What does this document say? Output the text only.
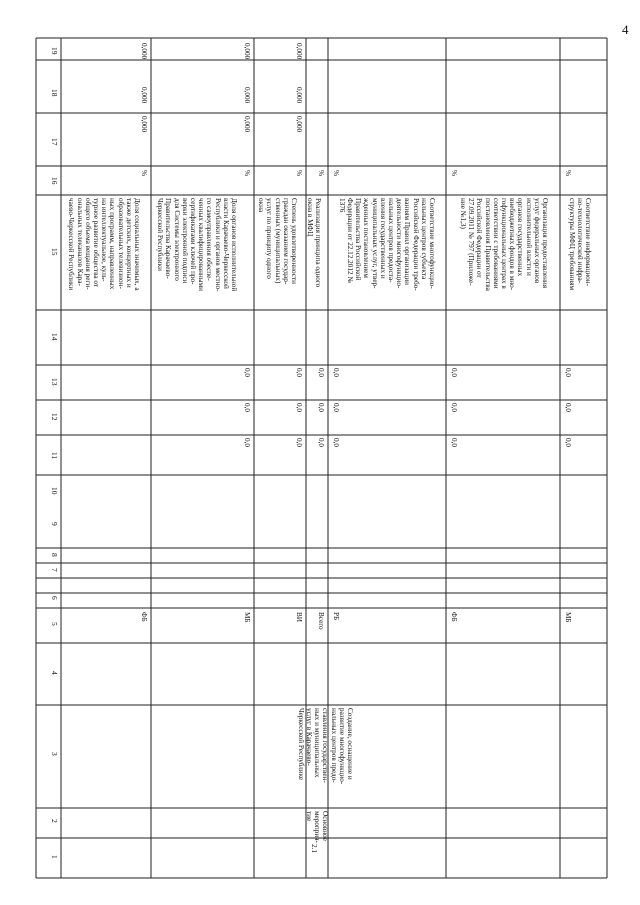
4
19
18
17
16
15
14
13
12
11
10
9
8
7
6
5
4
3
2
1
0,000
0,000
0,000
%
Доля социальных значимых, а
также детских, концертных и
образовательных телевизион-
ных программ, направленных
на интеллектуальное, куль-
турное развитие общества от
общего объема вещания реги-
ональных телеканалов Кара-
чаево-Черкесской Республики
ФБ
0,000
0,000
0,000
%
Доля органов исполнительной
власти Карачаево-Черкесской
Республики и органов местно-
го самоуправления обеспе-
ченных квалифицированными
сертификатами ключей про-
верки электронной подписи
для Системы электронного
Правительства Карачаево-
Черкесской Республики
0,0
0,0
0,0
МБ
0,000
0,000
0,000
%
Степень удовлетворенности
граждан оказанием государ-
ственных (муниципальных)
услуг по принципу одного
окна
0,0
0,0
0,0
ВИ
%
Реализация принципа одного
окна в МФЦ
0,0
0,0
0,0
Всего
Создание, оснащение и
развитие многофункцио-
нальных центров предо-
ставления государствен-
ных и муниципальных
услуг в Карачаево-
Черкесской Республике
Основное
мероприя-
тие
2.1
%
Соответствие многофункцио-
нальных центров субъекта
Российской Федерации требо-
ваниям Правил организации
деятельности многофункцио-
нальных центров предоста-
вления государственных и
муниципальных услуг, утвер-
жденных постановлением
Правительства Российской
Федерации от 22.12.2012 №
1376
0,0
0,0
0,0
РБ
%
Организация предоставления
услуг федеральных органов
исполнительной власти и
органов государственных
внебюджетных фондов в мно-
гофункциональных центрах в
соответствии с требованиями
постановления Правительства
Российской Федерации от
27.09.2011 № 797 (Приложе-
ние №1,3)
0,0
0,0
0,0
ФБ
%
Соответствие информацион-
но-технологической инфра-
структуры МФЦ требованиям
0,0
0,0
0,0
МБ
